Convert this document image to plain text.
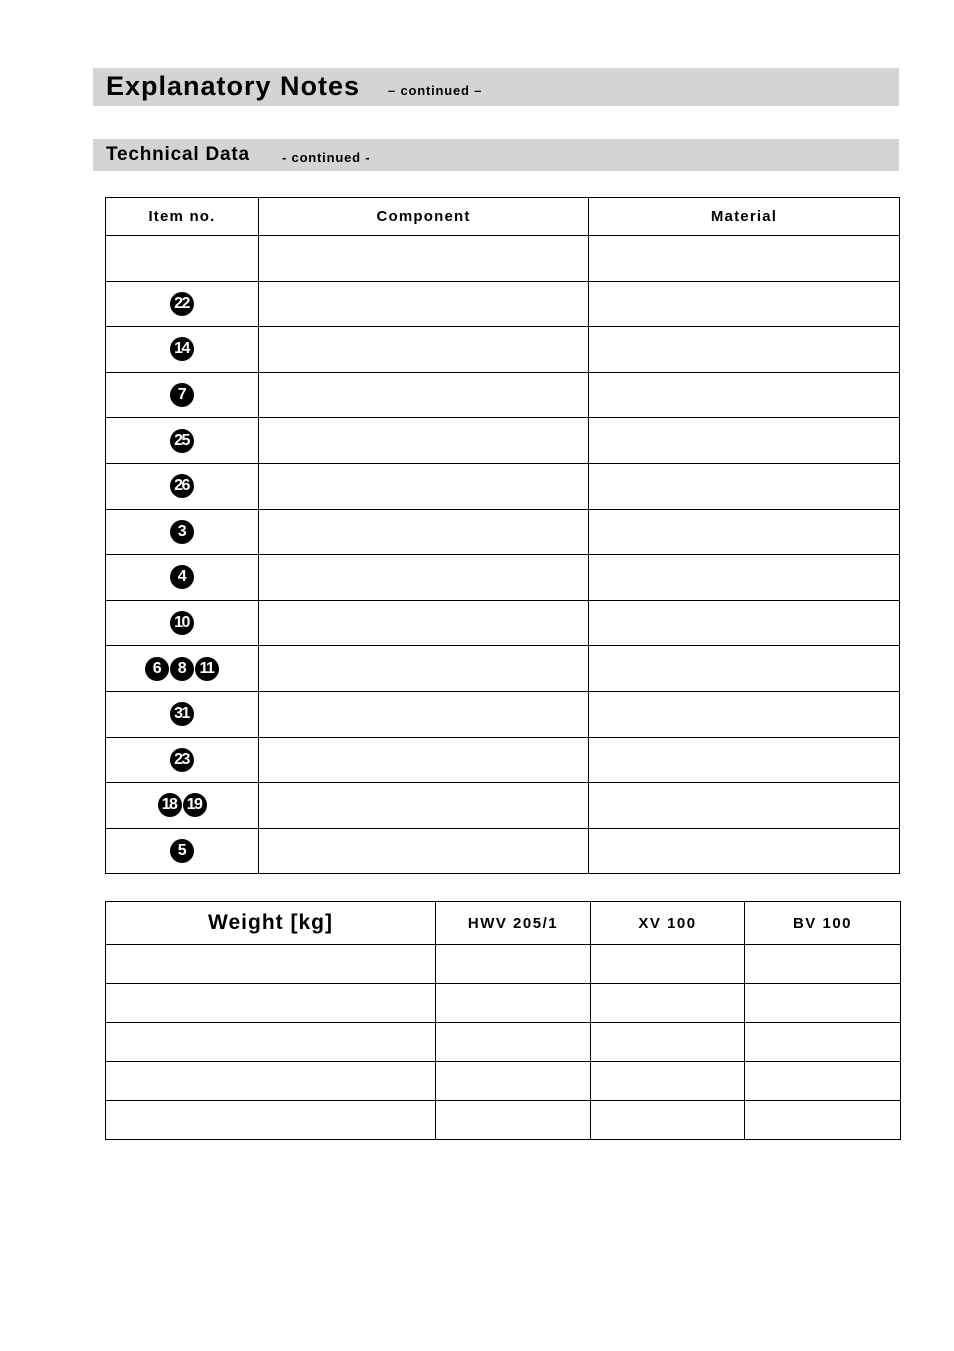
Explanatory Notes – continued –
Technical Data - continued -
Item no.	Component	Material

22		

14		

7		

25		

26		

3		

4		

10		

6 8 11		

31		

23		

18 19		

5		

Weight [kg]	HWV 205/1	XV 100	BV 100
